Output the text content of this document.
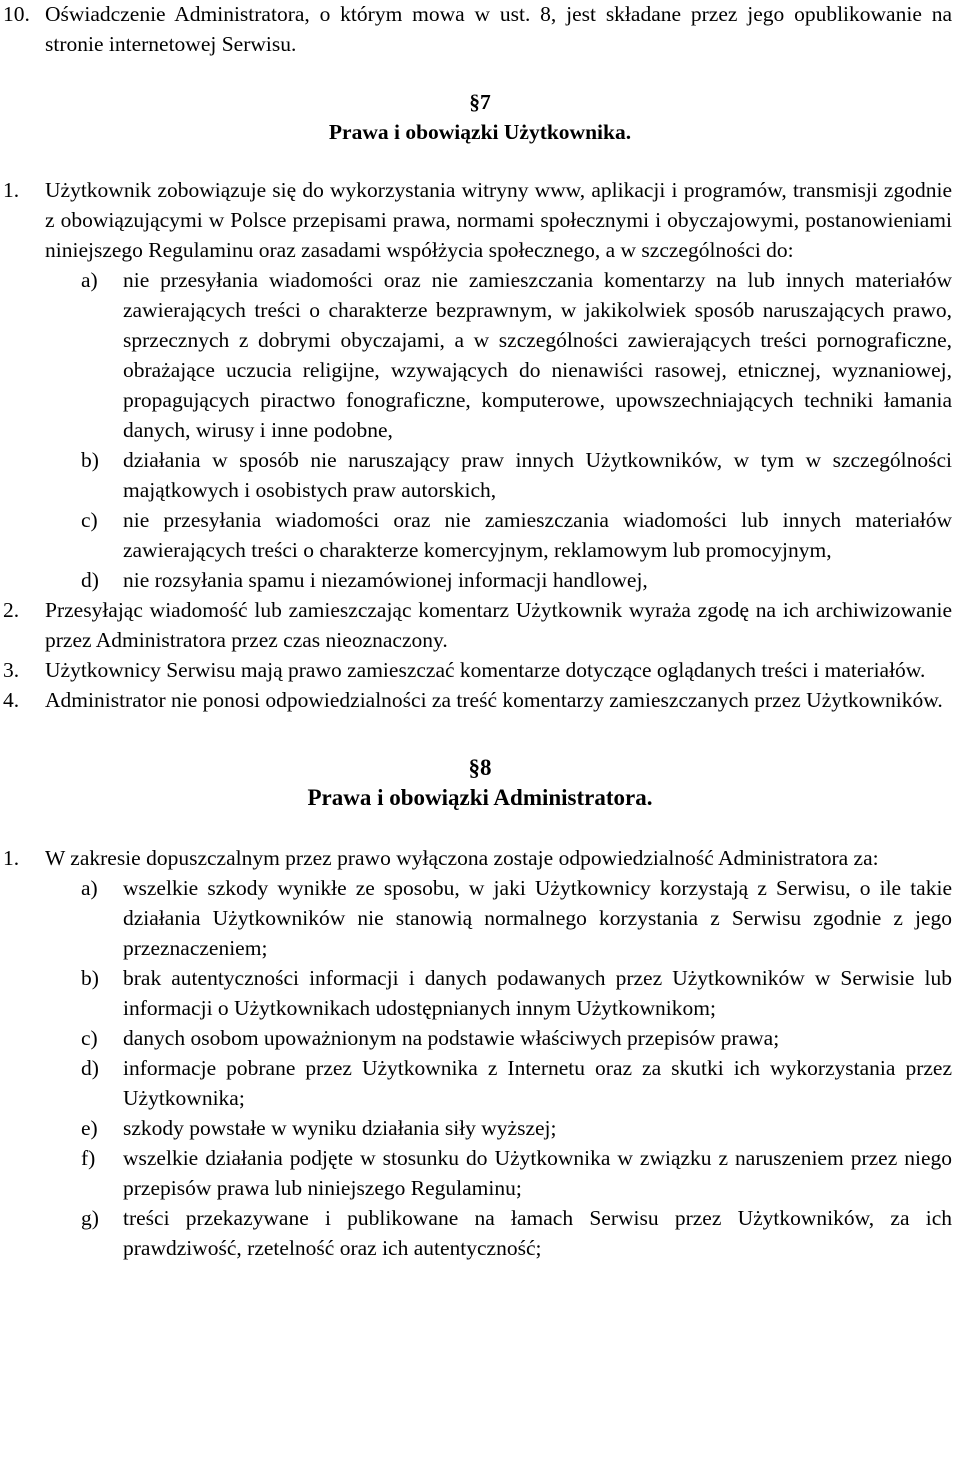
10. Oświadczenie Administratora, o którym mowa w ust. 8, jest składane przez jego opublikowanie na stronie internetowej Serwisu.
§7
Prawa i obowiązki Użytkownika.
1. Użytkownik zobowiązuje się do wykorzystania witryny www, aplikacji i programów, transmisji zgodnie z obowiązującymi w Polsce przepisami prawa, normami społecznymi i obyczajowymi, postanowieniami niniejszego Regulaminu oraz zasadami współżycia społecznego, a w szczególności do:
a) nie przesyłania wiadomości oraz nie zamieszczania komentarzy na lub innych materiałów zawierających treści o charakterze bezprawnym, w jakikolwiek sposób naruszających prawo, sprzecznych z dobrymi obyczajami, a w szczególności zawierających treści pornograficzne, obrażające uczucia religijne, wzywających do nienawiści rasowej, etnicznej, wyznaniowej, propagujących piractwo fonograficzne, komputerowe, upowszechniających techniki łamania danych, wirusy i inne podobne,
b) działania w sposób nie naruszający praw innych Użytkowników, w tym w szczególności majątkowych i osobistych praw autorskich,
c) nie przesyłania wiadomości oraz nie zamieszczania wiadomości lub innych materiałów zawierających treści o charakterze komercyjnym, reklamowym lub promocyjnym,
d) nie rozsyłania spamu i niezamówionej informacji handlowej,
2. Przesyłając wiadomość lub zamieszczając komentarz Użytkownik wyraża zgodę na ich archiwizowanie przez Administratora przez czas nieoznaczony.
3. Użytkownicy Serwisu mają prawo zamieszczać komentarze dotyczące oglądanych treści i materiałów.
4. Administrator nie ponosi odpowiedzialności za treść komentarzy zamieszczanych przez Użytkowników.
§8
Prawa i obowiązki Administratora.
1. W zakresie dopuszczalnym przez prawo wyłączona zostaje odpowiedzialność Administratora za:
a) wszelkie szkody wynikłe ze sposobu, w jaki Użytkownicy korzystają z Serwisu, o ile takie działania Użytkowników nie stanowią normalnego korzystania z Serwisu zgodnie z jego przeznaczeniem;
b) brak autentyczności informacji i danych podawanych przez Użytkowników w Serwisie lub informacji o Użytkownikach udostępnianych innym Użytkownikom;
c) danych osobom upoważnionym na podstawie właściwych przepisów prawa;
d) informacje pobrane przez Użytkownika z Internetu oraz za skutki ich wykorzystania przez Użytkownika;
e) szkody powstałe w wyniku działania siły wyższej;
f) wszelkie działania podjęte w stosunku do Użytkownika w związku z naruszeniem przez niego przepisów prawa lub niniejszego Regulaminu;
g) treści przekazywane i publikowane na łamach Serwisu przez Użytkowników, za ich prawdziwość, rzetelność oraz ich autentyczność;
